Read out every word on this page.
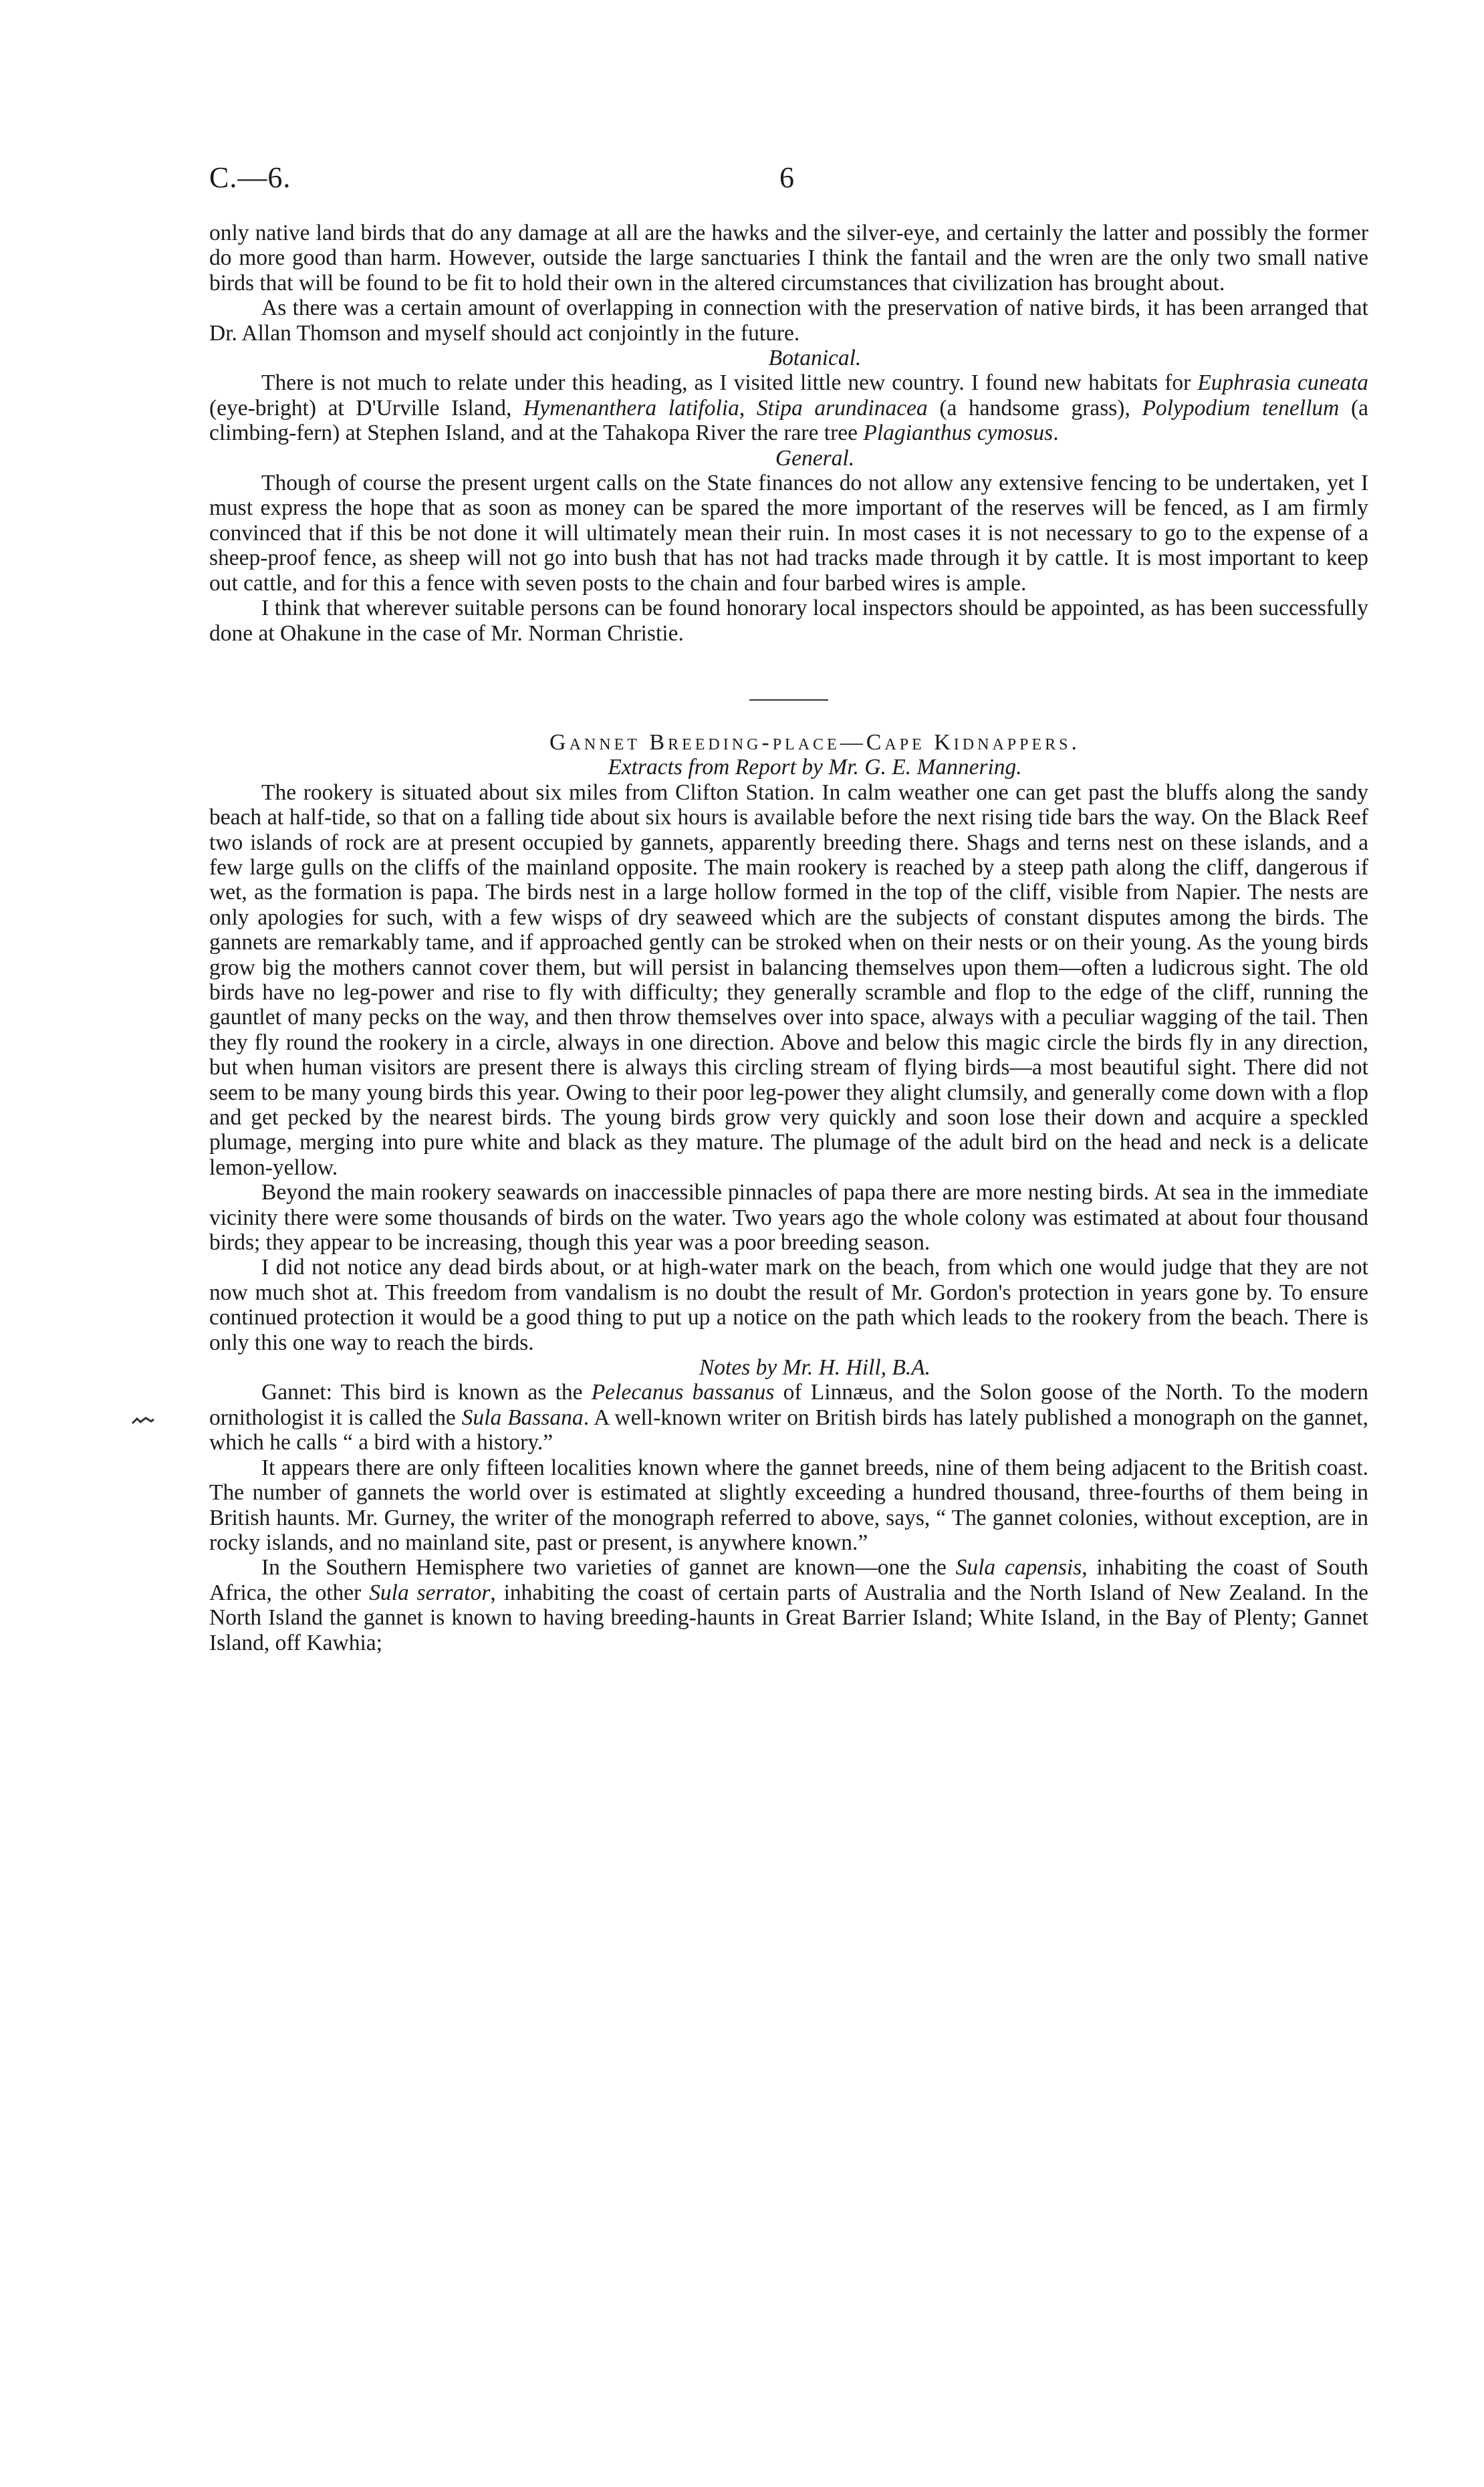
C.—6.	6

only native land birds that do any damage at all are the hawks and the silver-eye, and certainly the latter and possibly the former do more good than harm. However, outside the large sanctuaries I think the fantail and the wren are the only two small native birds that will be found to be fit to hold their own in the altered circumstances that civilization has brought about.

As there was a certain amount of overlapping in connection with the preservation of native birds, it has been arranged that Dr. Allan Thomson and myself should act conjointly in the future.

Botanical.

There is not much to relate under this heading, as I visited little new country. I found new habitats for Euphrasia cuneata (eye-bright) at D'Urville Island, Hymenanthera latifolia, Stipa arundinacea (a handsome grass), Polypodium tenellum (a climbing-fern) at Stephen Island, and at the Tahakopa River the rare tree Plagianthus cymosus.

General.

Though of course the present urgent calls on the State finances do not allow any extensive fencing to be undertaken, yet I must express the hope that as soon as money can be spared the more important of the reserves will be fenced, as I am firmly convinced that if this be not done it will ultimately mean their ruin. In most cases it is not necessary to go to the expense of a sheep-proof fence, as sheep will not go into bush that has not had tracks made through it by cattle. It is most important to keep out cattle, and for this a fence with seven posts to the chain and four barbed wires is ample.

I think that wherever suitable persons can be found honorary local inspectors should be appointed, as has been successfully done at Ohakune in the case of Mr. Norman Christie.

Gannet Breeding-place—Cape Kidnappers.

Extracts from Report by Mr. G. E. Mannering.

The rookery is situated about six miles from Clifton Station. In calm weather one can get past the bluffs along the sandy beach at half-tide, so that on a falling tide about six hours is available before the next rising tide bars the way. On the Black Reef two islands of rock are at present occupied by gannets, apparently breeding there. Shags and terns nest on these islands, and a few large gulls on the cliffs of the mainland opposite. The main rookery is reached by a steep path along the cliff, dangerous if wet, as the formation is papa. The birds nest in a large hollow formed in the top of the cliff, visible from Napier. The nests are only apologies for such, with a few wisps of dry seaweed which are the subjects of constant disputes among the birds. The gannets are remarkably tame, and if approached gently can be stroked when on their nests or on their young. As the young birds grow big the mothers cannot cover them, but will persist in balancing themselves upon them—often a ludicrous sight. The old birds have no leg-power and rise to fly with difficulty; they generally scramble and flop to the edge of the cliff, running the gauntlet of many pecks on the way, and then throw themselves over into space, always with a peculiar wagging of the tail. Then they fly round the rookery in a circle, always in one direction. Above and below this magic circle the birds fly in any direction, but when human visitors are present there is always this circling stream of flying birds—a most beautiful sight. There did not seem to be many young birds this year. Owing to their poor leg-power they alight clumsily, and generally come down with a flop and get pecked by the nearest birds. The young birds grow very quickly and soon lose their down and acquire a speckled plumage, merging into pure white and black as they mature. The plumage of the adult bird on the head and neck is a delicate lemon-yellow.

Beyond the main rookery seawards on inaccessible pinnacles of papa there are more nesting birds. At sea in the immediate vicinity there were some thousands of birds on the water. Two years ago the whole colony was estimated at about four thousand birds; they appear to be increasing, though this year was a poor breeding season.

I did not notice any dead birds about, or at high-water mark on the beach, from which one would judge that they are not now much shot at. This freedom from vandalism is no doubt the result of Mr. Gordon's protection in years gone by. To ensure continued protection it would be a good thing to put up a notice on the path which leads to the rookery from the beach. There is only this one way to reach the birds.

Notes by Mr. H. Hill, B.A.

Gannet: This bird is known as the Pelecanus bassanus of Linnæus, and the Solon goose of the North. To the modern ornithologist it is called the Sula Bassana. A well-known writer on British birds has lately published a monograph on the gannet, which he calls “ a bird with a history.”

It appears there are only fifteen localities known where the gannet breeds, nine of them being adjacent to the British coast. The number of gannets the world over is estimated at slightly exceeding a hundred thousand, three-fourths of them being in British haunts. Mr. Gurney, the writer of the monograph referred to above, says, “ The gannet colonies, without exception, are in rocky islands, and no mainland site, past or present, is anywhere known.”

In the Southern Hemisphere two varieties of gannet are known—one the Sula capensis, inhabiting the coast of South Africa, the other Sula serrator, inhabiting the coast of certain parts of Australia and the North Island of New Zealand. In the North Island the gannet is known to having breeding-haunts in Great Barrier Island; White Island, in the Bay of Plenty; Gannet Island, off Kawhia;
